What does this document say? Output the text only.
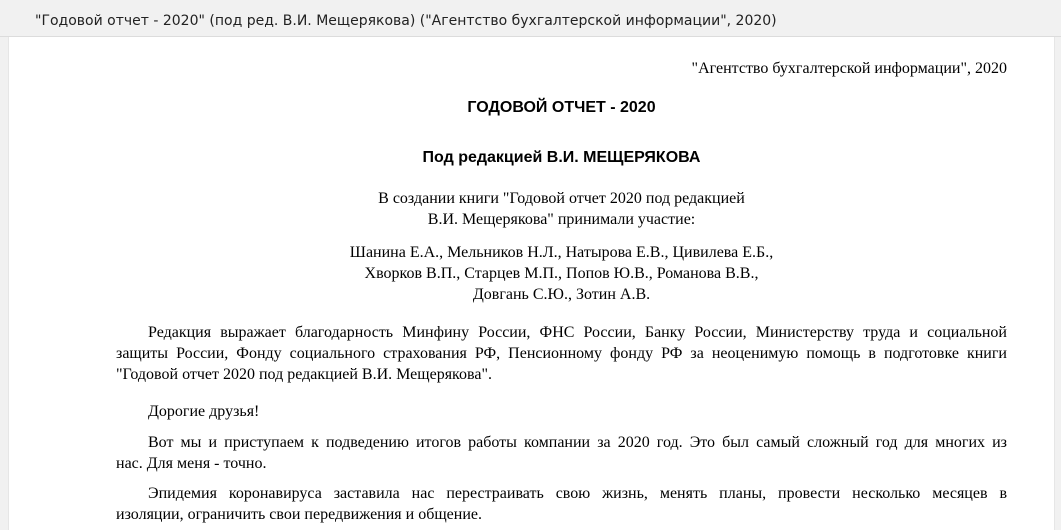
"Годовой отчет - 2020" (под ред. В.И. Мещерякова) ("Агентство бухгалтерской информации", 2020)
"Агентство бухгалтерской информации", 2020
ГОДОВОЙ ОТЧЕТ - 2020
Под редакцией В.И. МЕЩЕРЯКОВА
В создании книги "Годовой отчет 2020 под редакцией
В.И. Мещерякова" принимали участие:
Шанина Е.А., Мельников Н.Л., Натырова Е.В., Цивилева Е.Б.,
Хворков В.П., Старцев М.П., Попов Ю.В., Романова В.В.,
Довгань С.Ю., Зотин А.В.
Редакция выражает благодарность Минфину России, ФНС России, Банку России, Министерству труда и социальной
защиты России, Фонду социального страхования РФ, Пенсионному фонду РФ за неоценимую помощь в подготовке книги
"Годовой отчет 2020 под редакцией В.И. Мещерякова".
Дорогие друзья!
Вот мы и приступаем к подведению итогов работы компании за 2020 год. Это был самый сложный год для многих из
нас. Для меня - точно.
Эпидемия коронавируса заставила нас перестраивать свою жизнь, менять планы, провести несколько месяцев в
изоляции, ограничить свои передвижения и общение.
